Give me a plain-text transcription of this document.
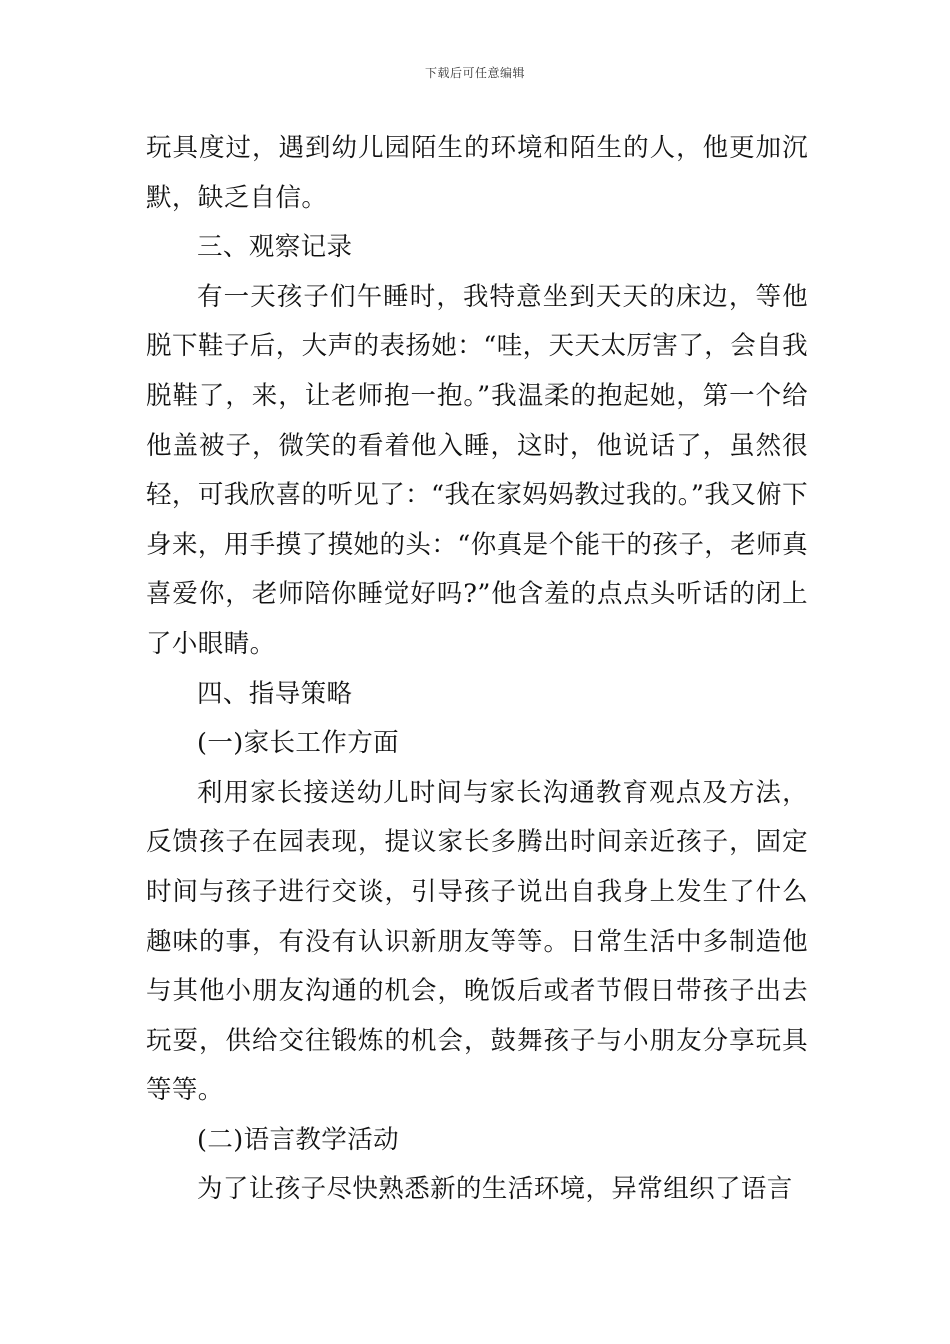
下载后可任意编辑

玩具度过，遇到幼儿园陌生的环境和陌生的人，他更加沉默，缺乏自信。

三、观察记录

有一天孩子们午睡时，我特意坐到天天的床边，等他脱下鞋子后，大声的表扬她：“哇，天天太厉害了，会自我脱鞋了，来，让老师抱一抱。”我温柔的抱起她，第一个给他盖被子，微笑的看着他入睡，这时，他说话了，虽然很轻，可我欣喜的听见了：“我在家妈妈教过我的。”我又俯下身来，用手摸了摸她的头：“你真是个能干的孩子，老师真喜爱你，老师陪你睡觉好吗?”他含羞的点点头听话的闭上了小眼睛。

四、指导策略

(一)家长工作方面

利用家长接送幼儿时间与家长沟通教育观点及方法，反馈孩子在园表现，提议家长多腾出时间亲近孩子，固定时间与孩子进行交谈，引导孩子说出自我身上发生了什么趣味的事，有没有认识新朋友等等。日常生活中多制造他与其他小朋友沟通的机会，晚饭后或者节假日带孩子出去玩耍，供给交往锻炼的机会，鼓舞孩子与小朋友分享玩具等等。

(二)语言教学活动

为了让孩子尽快熟悉新的生活环境，异常组织了语言
